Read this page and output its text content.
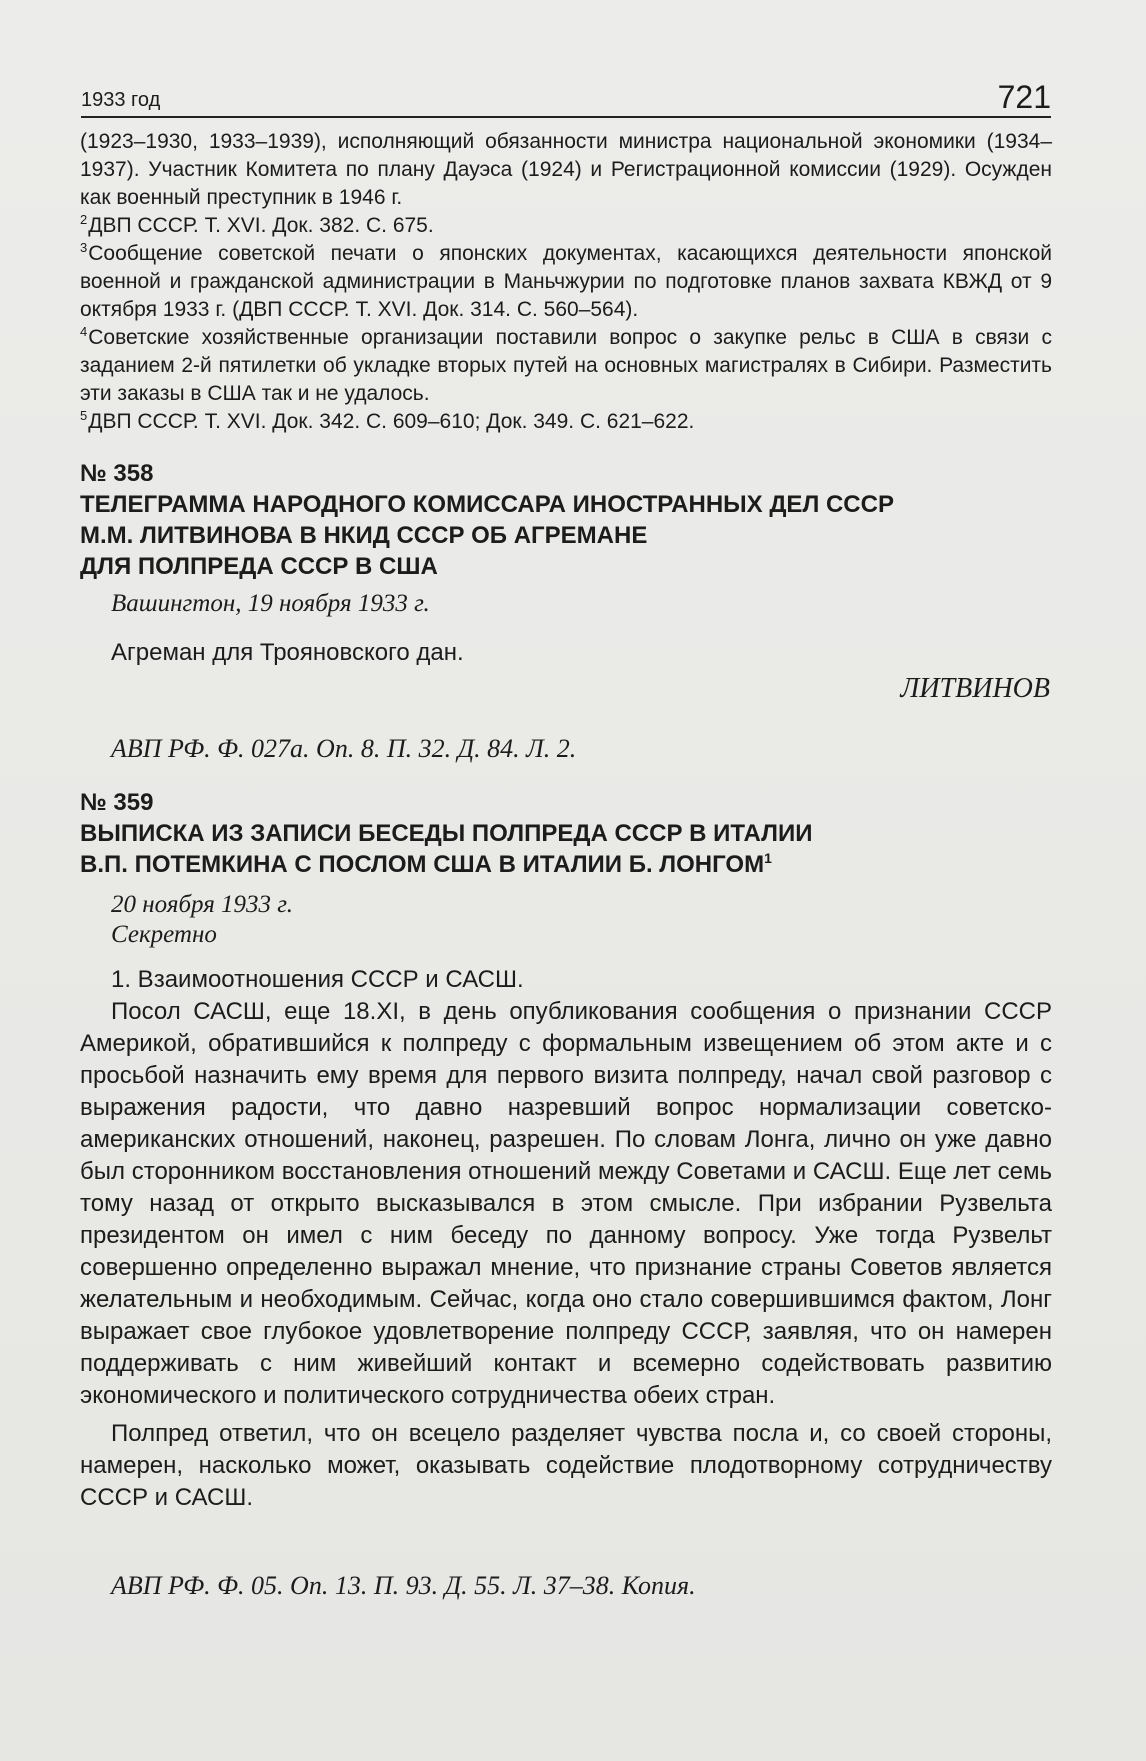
1933 год	721

(1923–1930, 1933–1939), исполняющий обязанности министра национальной экономики (1934–1937). Участник Комитета по плану Дауэса (1924) и Регистрационной комиссии (1929). Осужден как военный преступник в 1946 г.

$^2$ДВП СССР. Т. XVI. Док. 382. С. 675.

$^3$Сообщение советской печати о японских документах, касающихся деятельности японской военной и гражданской администрации в Маньчжурии по подготовке планов захвата КВЖД от 9 октября 1933 г. (ДВП СССР. Т. XVI. Док. 314. С. 560–564).

$^4$Советские хозяйственные организации поставили вопрос о закупке рельс в США в связи с заданием 2-й пятилетки об укладке вторых путей на основных магистралях в Сибири. Разместить эти заказы в США так и не удалось.

$^5$ДВП СССР. Т. XVI. Док. 342. С. 609–610; Док. 349. С. 621–622.

№ 358
ТЕЛЕГРАММА НАРОДНОГО КОМИССАРА ИНОСТРАННЫХ ДЕЛ СССР
М.М. ЛИТВИНОВА В НКИД СССР ОБ АГРЕМАНЕ
ДЛЯ ПОЛПРЕДА СССР В США
Вашингтон, 19 ноября 1933 г.

Агреман для Трояновского дан.

ЛИТВИНОВ
АВП РФ. Ф. 027а. Оп. 8. П. 32. Д. 84. Л. 2.
№ 359
ВЫПИСКА ИЗ ЗАПИСИ БЕСЕДЫ ПОЛПРЕДА СССР В ИТАЛИИ
В.П. ПОТЕМКИНА С ПОСЛОМ США В ИТАЛИИ Б. ЛОНГОМ$^1$
20 ноября 1933 г.
Секретно

1. Взаимоотношения СССР и САСШ.

Посол САСШ, еще 18.XI, в день опубликования сообщения о признании СССР Америкой, обратившийся к полпреду с формальным извещением об этом акте и с просьбой назначить ему время для первого визита полпреду, начал свой разговор с выражения радости, что давно назревший вопрос нормализации советско-американских отношений, наконец, разрешен. По словам Лонга, лично он уже давно был сторонником восстановления отношений между Советами и САСШ. Еще лет семь тому назад от открыто высказывался в этом смысле. При избрании Рузвельта президентом он имел с ним беседу по данному вопросу. Уже тогда Рузвельт совершенно определенно выражал мнение, что признание страны Советов является желательным и необходимым. Сейчас, когда оно стало совершившимся фактом, Лонг выражает свое глубокое удовлетворение полпреду СССР, заявляя, что он намерен поддерживать с ним живейший контакт и всемерно содействовать развитию экономического и политического сотрудничества обеих стран.

Полпред ответил, что он всецело разделяет чувства посла и, со своей стороны, намерен, насколько может, оказывать содействие плодотворному сотрудничеству СССР и САСШ.

АВП РФ. Ф. 05. Оп. 13. П. 93. Д. 55. Л. 37–38. Копия.
